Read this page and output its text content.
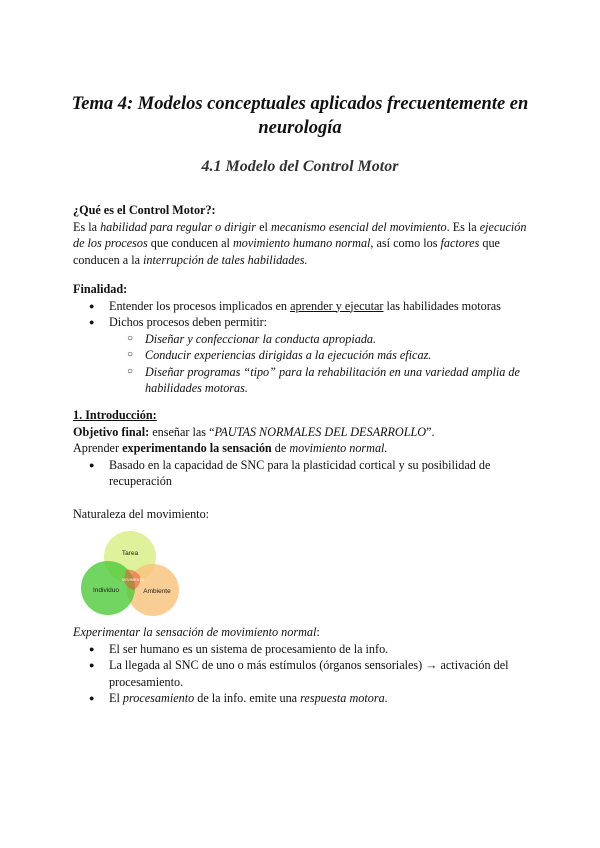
Tema 4: Modelos conceptuales aplicados frecuentemente en neurología
4.1 Modelo del Control Motor
¿Qué es el Control Motor?:
Es la habilidad para regular o dirigir el mecanismo esencial del movimiento. Es la ejecución de los procesos que conducen al movimiento humano normal, así como los factores que conducen a la interrupción de tales habilidades.
Finalidad:
● Entender los procesos implicados en aprender y ejecutar las habilidades motoras
● Dichos procesos deben permitir:
○ Diseñar y confeccionar la conducta apropiada.
○ Conducir experiencias dirigidas a la ejecución más eficaz.
○ Diseñar programas “tipo” para la rehabilitación en una variedad amplia de habilidades motoras.
1. Introducción:
Objetivo final: enseñar las “PAUTAS NORMALES DEL DESARROLLO”.
Aprender experimentando la sensación de movimiento normal.
● Basado en la capacidad de SNC para la plasticidad cortical y su posibilidad de recuperación
Naturaleza del movimiento:
Tarea
MOVIMIENTO
Individuo	Ambiente
Experimentar la sensación de movimiento normal:
● El ser humano es un sistema de procesamiento de la info.
● La llegada al SNC de uno o más estímulos (órganos sensoriales) → activación del procesamiento.
● El procesamiento de la info. emite una respuesta motora.
